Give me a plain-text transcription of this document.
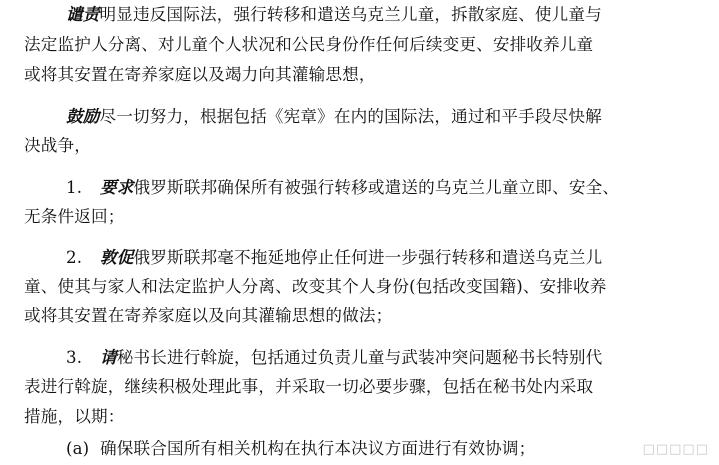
谴责明显违反国际法，强行转移和遣送乌克兰儿童，拆散家庭、使儿童与
法定监护人分离、对儿童个人状况和公民身份作任何后续变更、安排收养儿童
或将其安置在寄养家庭以及竭力向其灌输思想，
鼓励尽一切努力，根据包括《宪章》在内的国际法，通过和平手段尽快解
决战争，
1. 要求俄罗斯联邦确保所有被强行转移或遣送的乌克兰儿童立即、安全、
无条件返回；
2. 敦促俄罗斯联邦毫不拖延地停止任何进一步强行转移和遣送乌克兰儿
童、使其与家人和法定监护人分离、改变其个人身份(包括改变国籍)、安排收养
或将其安置在寄养家庭以及向其灌输思想的做法；
3. 请秘书长进行斡旋，包括通过负责儿童与武装冲突问题秘书长特别代
表进行斡旋，继续积极处理此事，并采取一切必要步骤，包括在秘书处内采取
措施，以期：
(a) 确保联合国所有相关机构在执行本决议方面进行有效协调；	□□□□□
